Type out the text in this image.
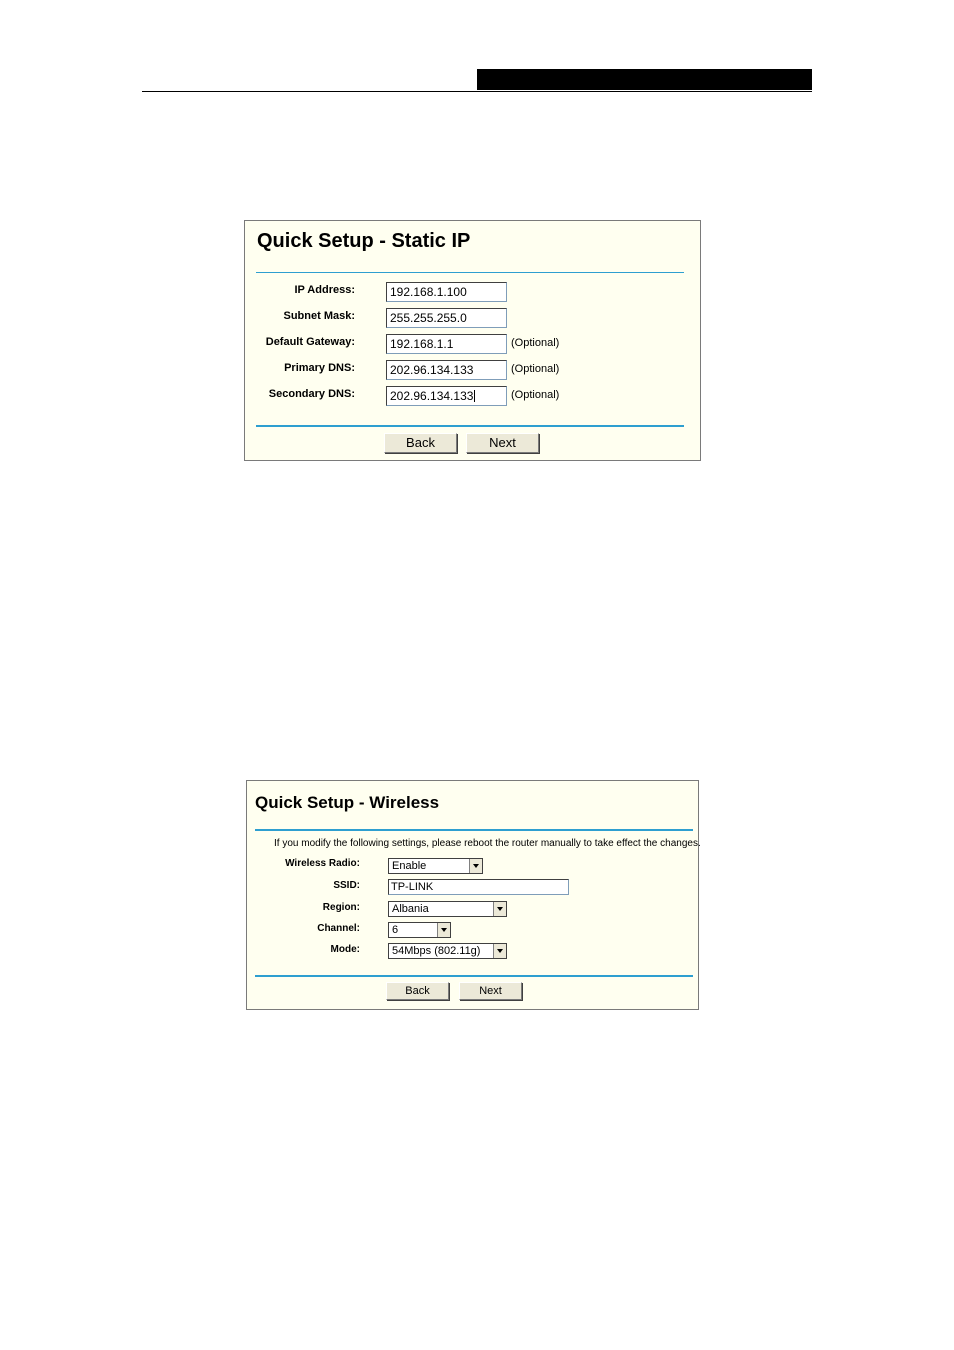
Quick Setup - Static IP
IP Address:	192.168.1.100
Subnet Mask:	255.255.255.0
Default Gateway:	192.168.1.1	(Optional)
Primary DNS:	202.96.134.133	(Optional)
Secondary DNS:	202.96.134.133	(Optional)
Back	Next
Quick Setup - Wireless
If you modify the following settings, please reboot the router manually to take effect the changes.
Wireless Radio:	Enable
SSID:	TP-LINK
Region:	Albania
Channel:	6
Mode:	54Mbps (802.11g)
Back	Next
